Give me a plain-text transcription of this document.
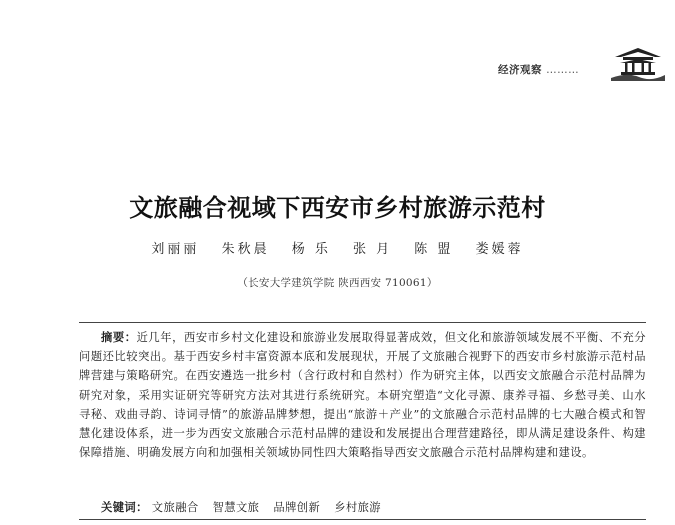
经济观察 ………
文旅融合视域下西安市乡村旅游示范村
刘丽丽 朱秋晨 杨 乐 张 月 陈 盟 娄媛蓉
（长安大学建筑学院 陕西西安 710061）
摘要：近几年，西安市乡村文化建设和旅游业发展取得显著成效，但文化和旅游领域发展不平衡、不充分问题还比较突出。基于西安乡村丰富资源本底和发展现状，开展了文旅融合视野下的西安市乡村旅游示范村品牌营建与策略研究。在西安遴选一批乡村（含行政村和自然村）作为研究主体，以西安文旅融合示范村品牌为研究对象，采用实证研究等研究方法对其进行系统研究。本研究塑造“文化寻源、康养寻福、乡愁寻美、山水寻秘、戏曲寻韵、诗词寻情”的旅游品牌梦想，提出“旅游＋产业”的文旅融合示范村品牌的七大融合模式和智慧化建设体系，进一步为西安文旅融合示范村品牌的建设和发展提出合理营建路径，即从满足建设条件、构建保障措施、明确发展方向和加强相关领域协同性四大策略指导西安文旅融合示范村品牌构建和建设。
关键词： 文旅融合 智慧文旅 品牌创新 乡村旅游
